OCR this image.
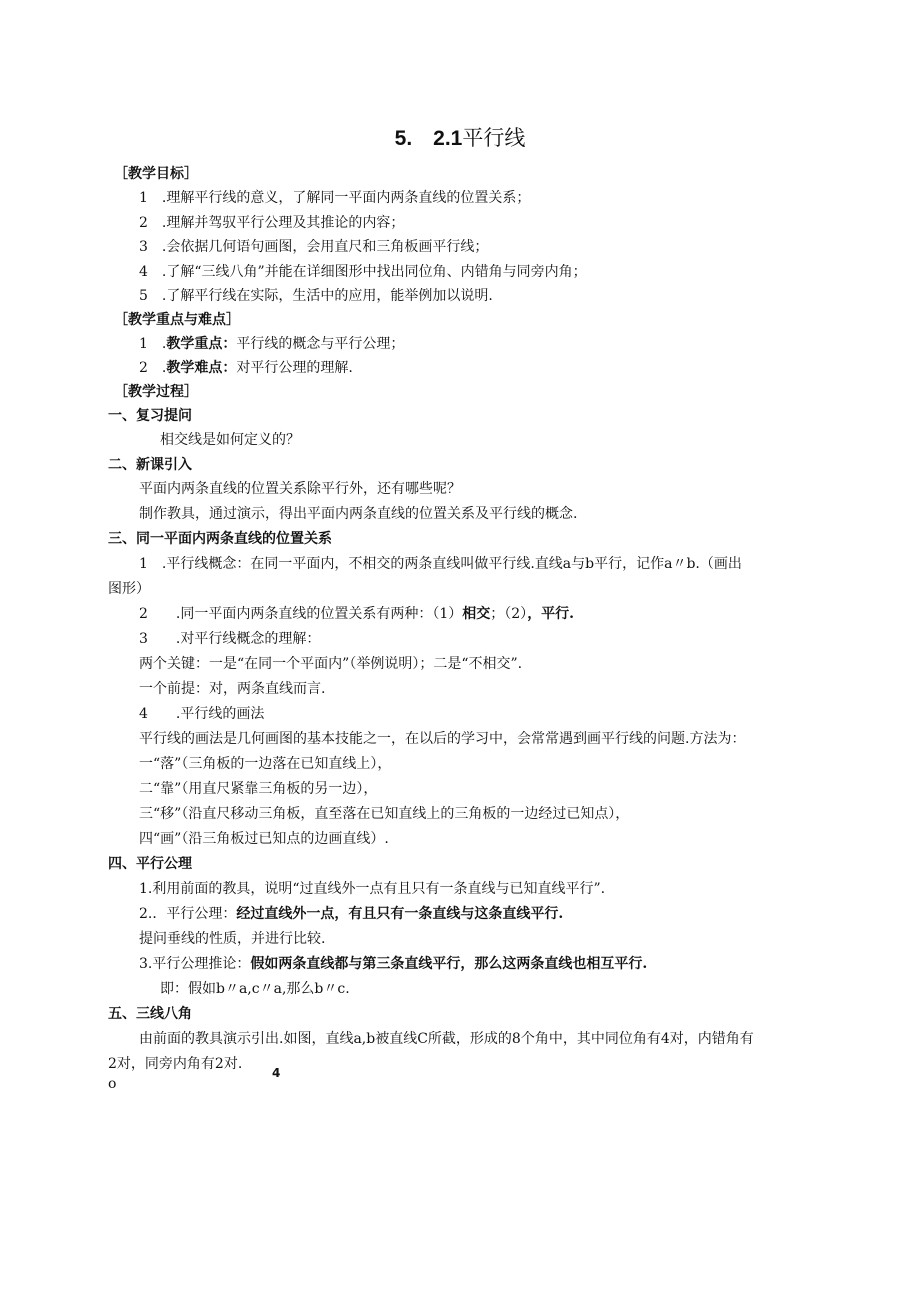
5.　2.1平行线
［教学目标］
1　.理解平行线的意义，了解同一平面内两条直线的位置关系；
2　.理解并驾驭平行公理及其推论的内容；
3　.会依据几何语句画图，会用直尺和三角板画平行线；
4　.了解“三线八角”并能在详细图形中找出同位角、内错角与同旁内角；
5　.了解平行线在实际，生活中的应用，能举例加以说明.
［教学重点与难点］
1　.教学重点：平行线的概念与平行公理；
2　.教学难点：对平行公理的理解.
［教学过程］
一、复习提问
相交线是如何定义的？
二、新课引入
平面内两条直线的位置关系除平行外，还有哪些呢？
制作教具，通过演示，得出平面内两条直线的位置关系及平行线的概念.
三、同一平面内两条直线的位置关系
1　.平行线概念：在同一平面内，不相交的两条直线叫做平行线.直线a与b平行，记作a〃b.（画出
图形）
2　　.同一平面内两条直线的位置关系有两种：（1）相交；（2），平行.
3　　.对平行线概念的理解：
两个关键：一是“在同一个平面内”（举例说明）；二是“不相交”.
一个前提：对，两条直线而言.
4　　.平行线的画法
平行线的画法是几何画图的基本技能之一，在以后的学习中，会常常遇到画平行线的问题.方法为：
一“落”（三角板的一边落在已知直线上），
二“靠”（用直尺紧靠三角板的另一边），
三“移”（沿直尺移动三角板，直至落在已知直线上的三角板的一边经过已知点），
四“画”（沿三角板过已知点的边画直线）.
四、平行公理
1.利用前面的教具，说明“过直线外一点有且只有一条直线与已知直线平行”.
2.．平行公理：经过直线外一点，有且只有一条直线与这条直线平行.
提问垂线的性质，并进行比较.
3.平行公理推论：假如两条直线都与第三条直线平行，那么这两条直线也相互平行.
即：假如b〃a,c〃a,那么b〃c.
五、三线八角
由前面的教具演示引出.如图，直线a,b被直线C所截，形成的8个角中，其中同位角有4对，内错角有
2对，同旁内角有2对.
4
o
